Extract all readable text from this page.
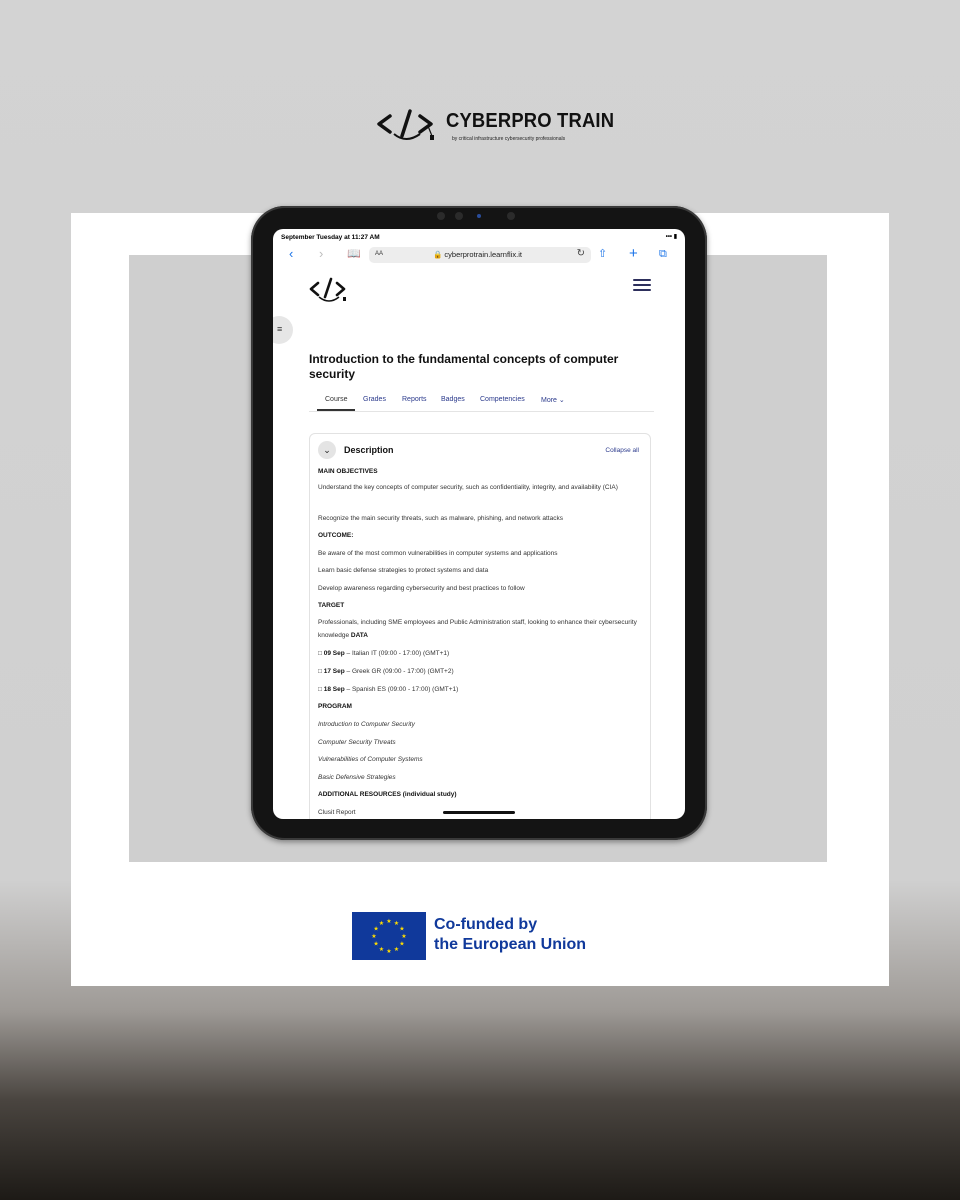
CYBERPRO TRAIN
by critical infrastructure cybersecurity professionals
September Tuesday at 11:27 AM	••• ▮
‹ › 📖 AA	🔒 cyberprotrain.learnflix.it	↻ ⇧ + ⧉
≡
Introduction to the fundamental concepts of computer security
Course Grades Reports Badges Competencies More ⌄
⌄	Description	Collapse all
MAIN OBJECTIVES
Understand the key concepts of computer security, such as confidentiality, integrity, and availability (CIA)
Recognize the main security threats, such as malware, phishing, and network attacks
OUTCOME:
Be aware of the most common vulnerabilities in computer systems and applications
Learn basic defense strategies to protect systems and data
Develop awareness regarding cybersecurity and best practices to follow
TARGET
Professionals, including SME employees and Public Administration staff, looking to enhance their cybersecurity knowledge DATA
□ 09 Sep – Italian IT (09:00 - 17:00) (GMT+1)
□ 17 Sep – Greek GR (09:00 - 17:00) (GMT+2)
□ 18 Sep – Spanish ES (09:00 - 17:00) (GMT+1)
PROGRAM
Introduction to Computer Security
Computer Security Threats
Vulnerabilities of Computer Systems
Basic Defensive Strategies
ADDITIONAL RESOURCES (individual study)
Clusit Report
★ ★
★
★
★
★
★
★
★
★
★
★	Co-funded by
the European Union
